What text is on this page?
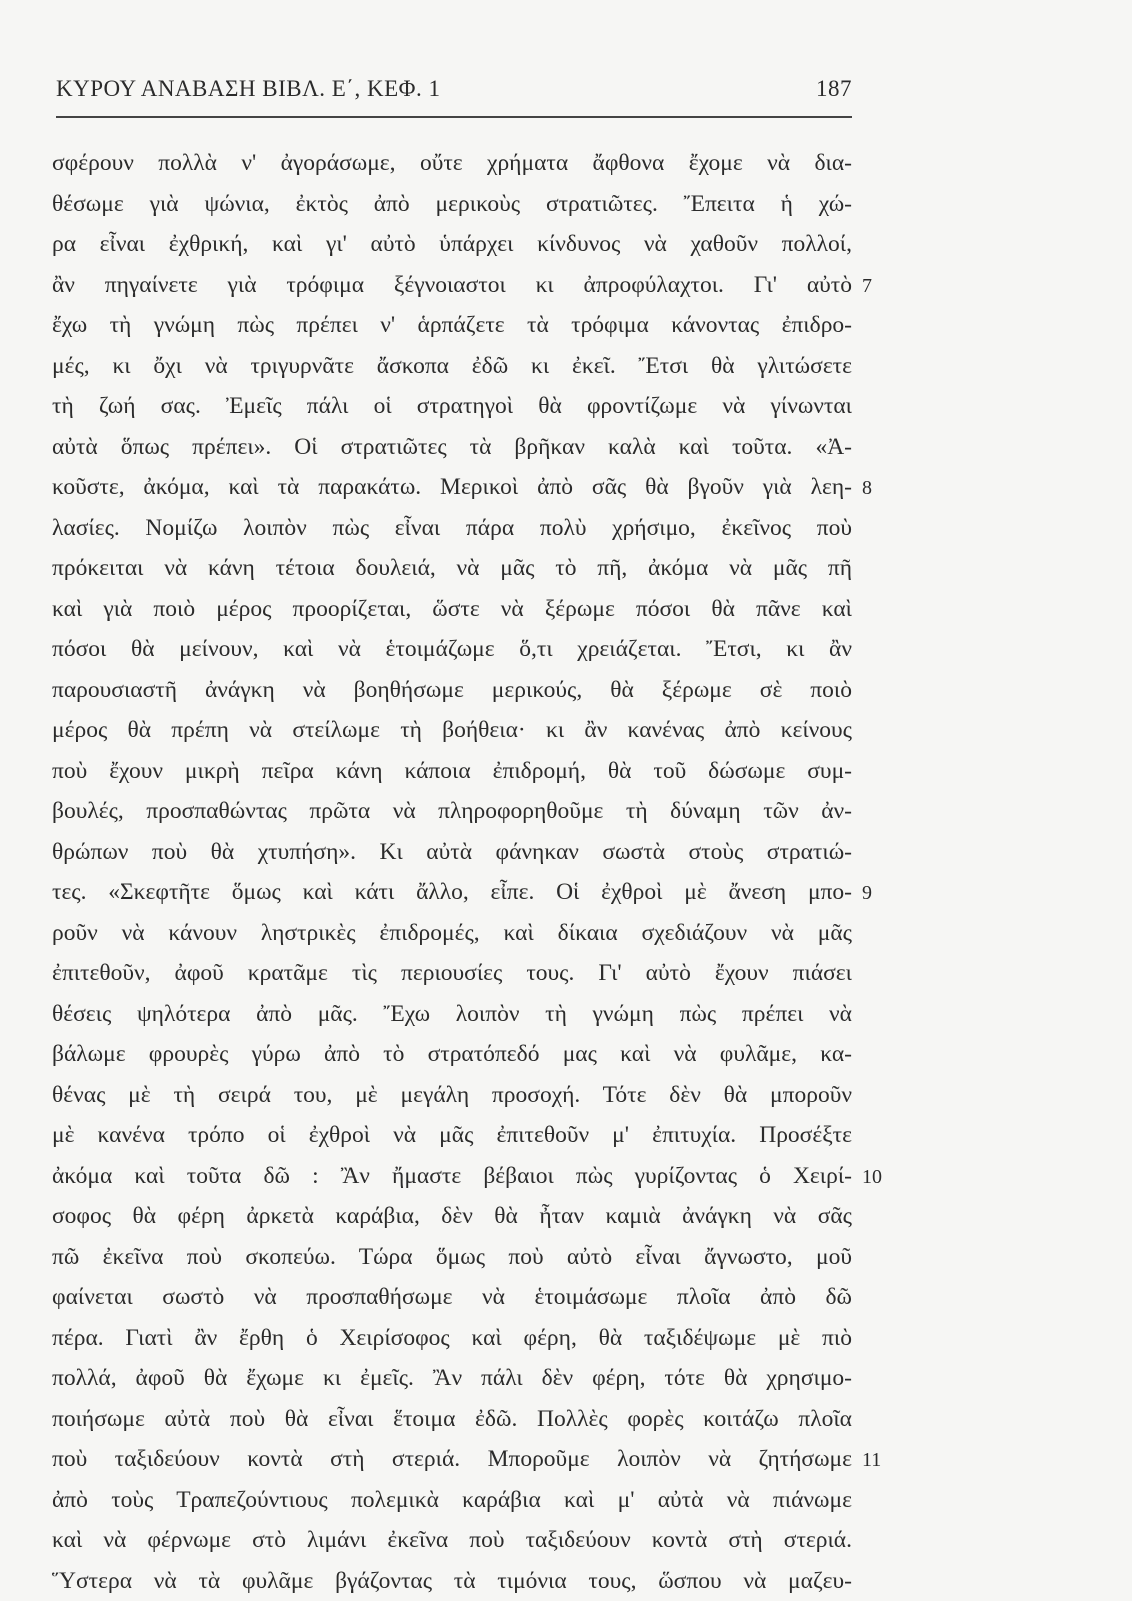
ΚΥΡΟΥ ΑΝΑΒΑΣΗ ΒΙΒΛ. Ε΄, ΚΕΦ. 1	187
σφέρουν πολλὰ ν' ἀγοράσωμε, οὔτε χρήματα ἄφθονα ἔχομε νὰ δια-
θέσωμε γιὰ ψώνια, ἐκτὸς ἀπὸ μερικοὺς στρατιῶτες. Ἔπειτα ἡ χώ-
ρα εἶναι ἐχθρική, καὶ γι' αὐτὸ ὑπάρχει κίνδυνος νὰ χαθοῦν πολλοί,
ἂν πηγαίνετε γιὰ τρόφιμα ξέγνοιαστοι κι ἀπροφύλαχτοι. Γι' αὐτὸ
ἔχω τὴ γνώμη πὼς πρέπει ν' ἁρπάζετε τὰ τρόφιμα κάνοντας ἐπιδρο-
μές, κι ὄχι νὰ τριγυρνᾶτε ἄσκοπα ἐδῶ κι ἐκεῖ. Ἔτσι θὰ γλιτώσετε
τὴ ζωή σας. Ἐμεῖς πάλι οἱ στρατηγοὶ θὰ φροντίζωμε νὰ γίνωνται
αὐτὰ ὅπως πρέπει». Οἱ στρατιῶτες τὰ βρῆκαν καλὰ καὶ τοῦτα. «Ἀ-
κοῦστε, ἀκόμα, καὶ τὰ παρακάτω. Μερικοὶ ἀπὸ σᾶς θὰ βγοῦν γιὰ λεη-
λασίες. Νομίζω λοιπὸν πὼς εἶναι πάρα πολὺ χρήσιμο, ἐκεῖνος ποὺ
πρόκειται νὰ κάνη τέτοια δουλειά, νὰ μᾶς τὸ πῆ, ἀκόμα νὰ μᾶς πῆ
καὶ γιὰ ποιὸ μέρος προορίζεται, ὥστε νὰ ξέρωμε πόσοι θὰ πᾶνε καὶ
πόσοι θὰ μείνουν, καὶ νὰ ἑτοιμάζωμε ὅ,τι χρειάζεται. Ἔτσι, κι ἂν
παρουσιαστῆ ἀνάγκη νὰ βοηθήσωμε μερικούς, θὰ ξέρωμε σὲ ποιὸ
μέρος θὰ πρέπη νὰ στείλωμε τὴ βοήθεια· κι ἂν κανένας ἀπὸ κείνους
ποὺ ἔχουν μικρὴ πεῖρα κάνη κάποια ἐπιδρομή, θὰ τοῦ δώσωμε συμ-
βουλές, προσπαθώντας πρῶτα νὰ πληροφορηθοῦμε τὴ δύναμη τῶν ἀν-
θρώπων ποὺ θὰ χτυπήση». Κι αὐτὰ φάνηκαν σωστὰ στοὺς στρατιώ-
τες. «Σκεφτῆτε ὅμως καὶ κάτι ἄλλο, εἶπε. Οἱ ἐχθροὶ μὲ ἄνεση μπο-
ροῦν νὰ κάνουν ληστρικὲς ἐπιδρομές, καὶ δίκαια σχεδιάζουν νὰ μᾶς
ἐπιτεθοῦν, ἀφοῦ κρατᾶμε τὶς περιουσίες τους. Γι' αὐτὸ ἔχουν πιάσει
θέσεις ψηλότερα ἀπὸ μᾶς. Ἔχω λοιπὸν τὴ γνώμη πὼς πρέπει νὰ
βάλωμε φρουρὲς γύρω ἀπὸ τὸ στρατόπεδό μας καὶ νὰ φυλᾶμε, κα-
θένας μὲ τὴ σειρά του, μὲ μεγάλη προσοχή. Τότε δὲν θὰ μποροῦν
μὲ κανένα τρόπο οἱ ἐχθροὶ νὰ μᾶς ἐπιτεθοῦν μ' ἐπιτυχία. Προσέξτε
ἀκόμα καὶ τοῦτα δῶ : Ἂν ἤμαστε βέβαιοι πὼς γυρίζοντας ὁ Χειρί-
σοφος θὰ φέρη ἀρκετὰ καράβια, δὲν θὰ ἦταν καμιὰ ἀνάγκη νὰ σᾶς
πῶ ἐκεῖνα ποὺ σκοπεύω. Τώρα ὅμως ποὺ αὐτὸ εἶναι ἄγνωστο, μοῦ
φαίνεται σωστὸ νὰ προσπαθήσωμε νὰ ἑτοιμάσωμε πλοῖα ἀπὸ δῶ
πέρα. Γιατὶ ἂν ἔρθη ὁ Χειρίσοφος καὶ φέρη, θὰ ταξιδέψωμε μὲ πιὸ
πολλά, ἀφοῦ θὰ ἔχωμε κι ἐμεῖς. Ἂν πάλι δὲν φέρη, τότε θὰ χρησιμο-
ποιήσωμε αὐτὰ ποὺ θὰ εἶναι ἕτοιμα ἐδῶ. Πολλὲς φορὲς κοιτάζω πλοῖα
ποὺ ταξιδεύουν κοντὰ στὴ στεριά. Μποροῦμε λοιπὸν νὰ ζητήσωμε
ἀπὸ τοὺς Τραπεζούντιους πολεμικὰ καράβια καὶ μ' αὐτὰ νὰ πιάνωμε
καὶ νὰ φέρνωμε στὸ λιμάνι ἐκεῖνα ποὺ ταξιδεύουν κοντὰ στὴ στεριά.
Ὕστερα νὰ τὰ φυλᾶμε βγάζοντας τὰ τιμόνια τους, ὥσπου νὰ μαζευ-
7
8
9
10
11
